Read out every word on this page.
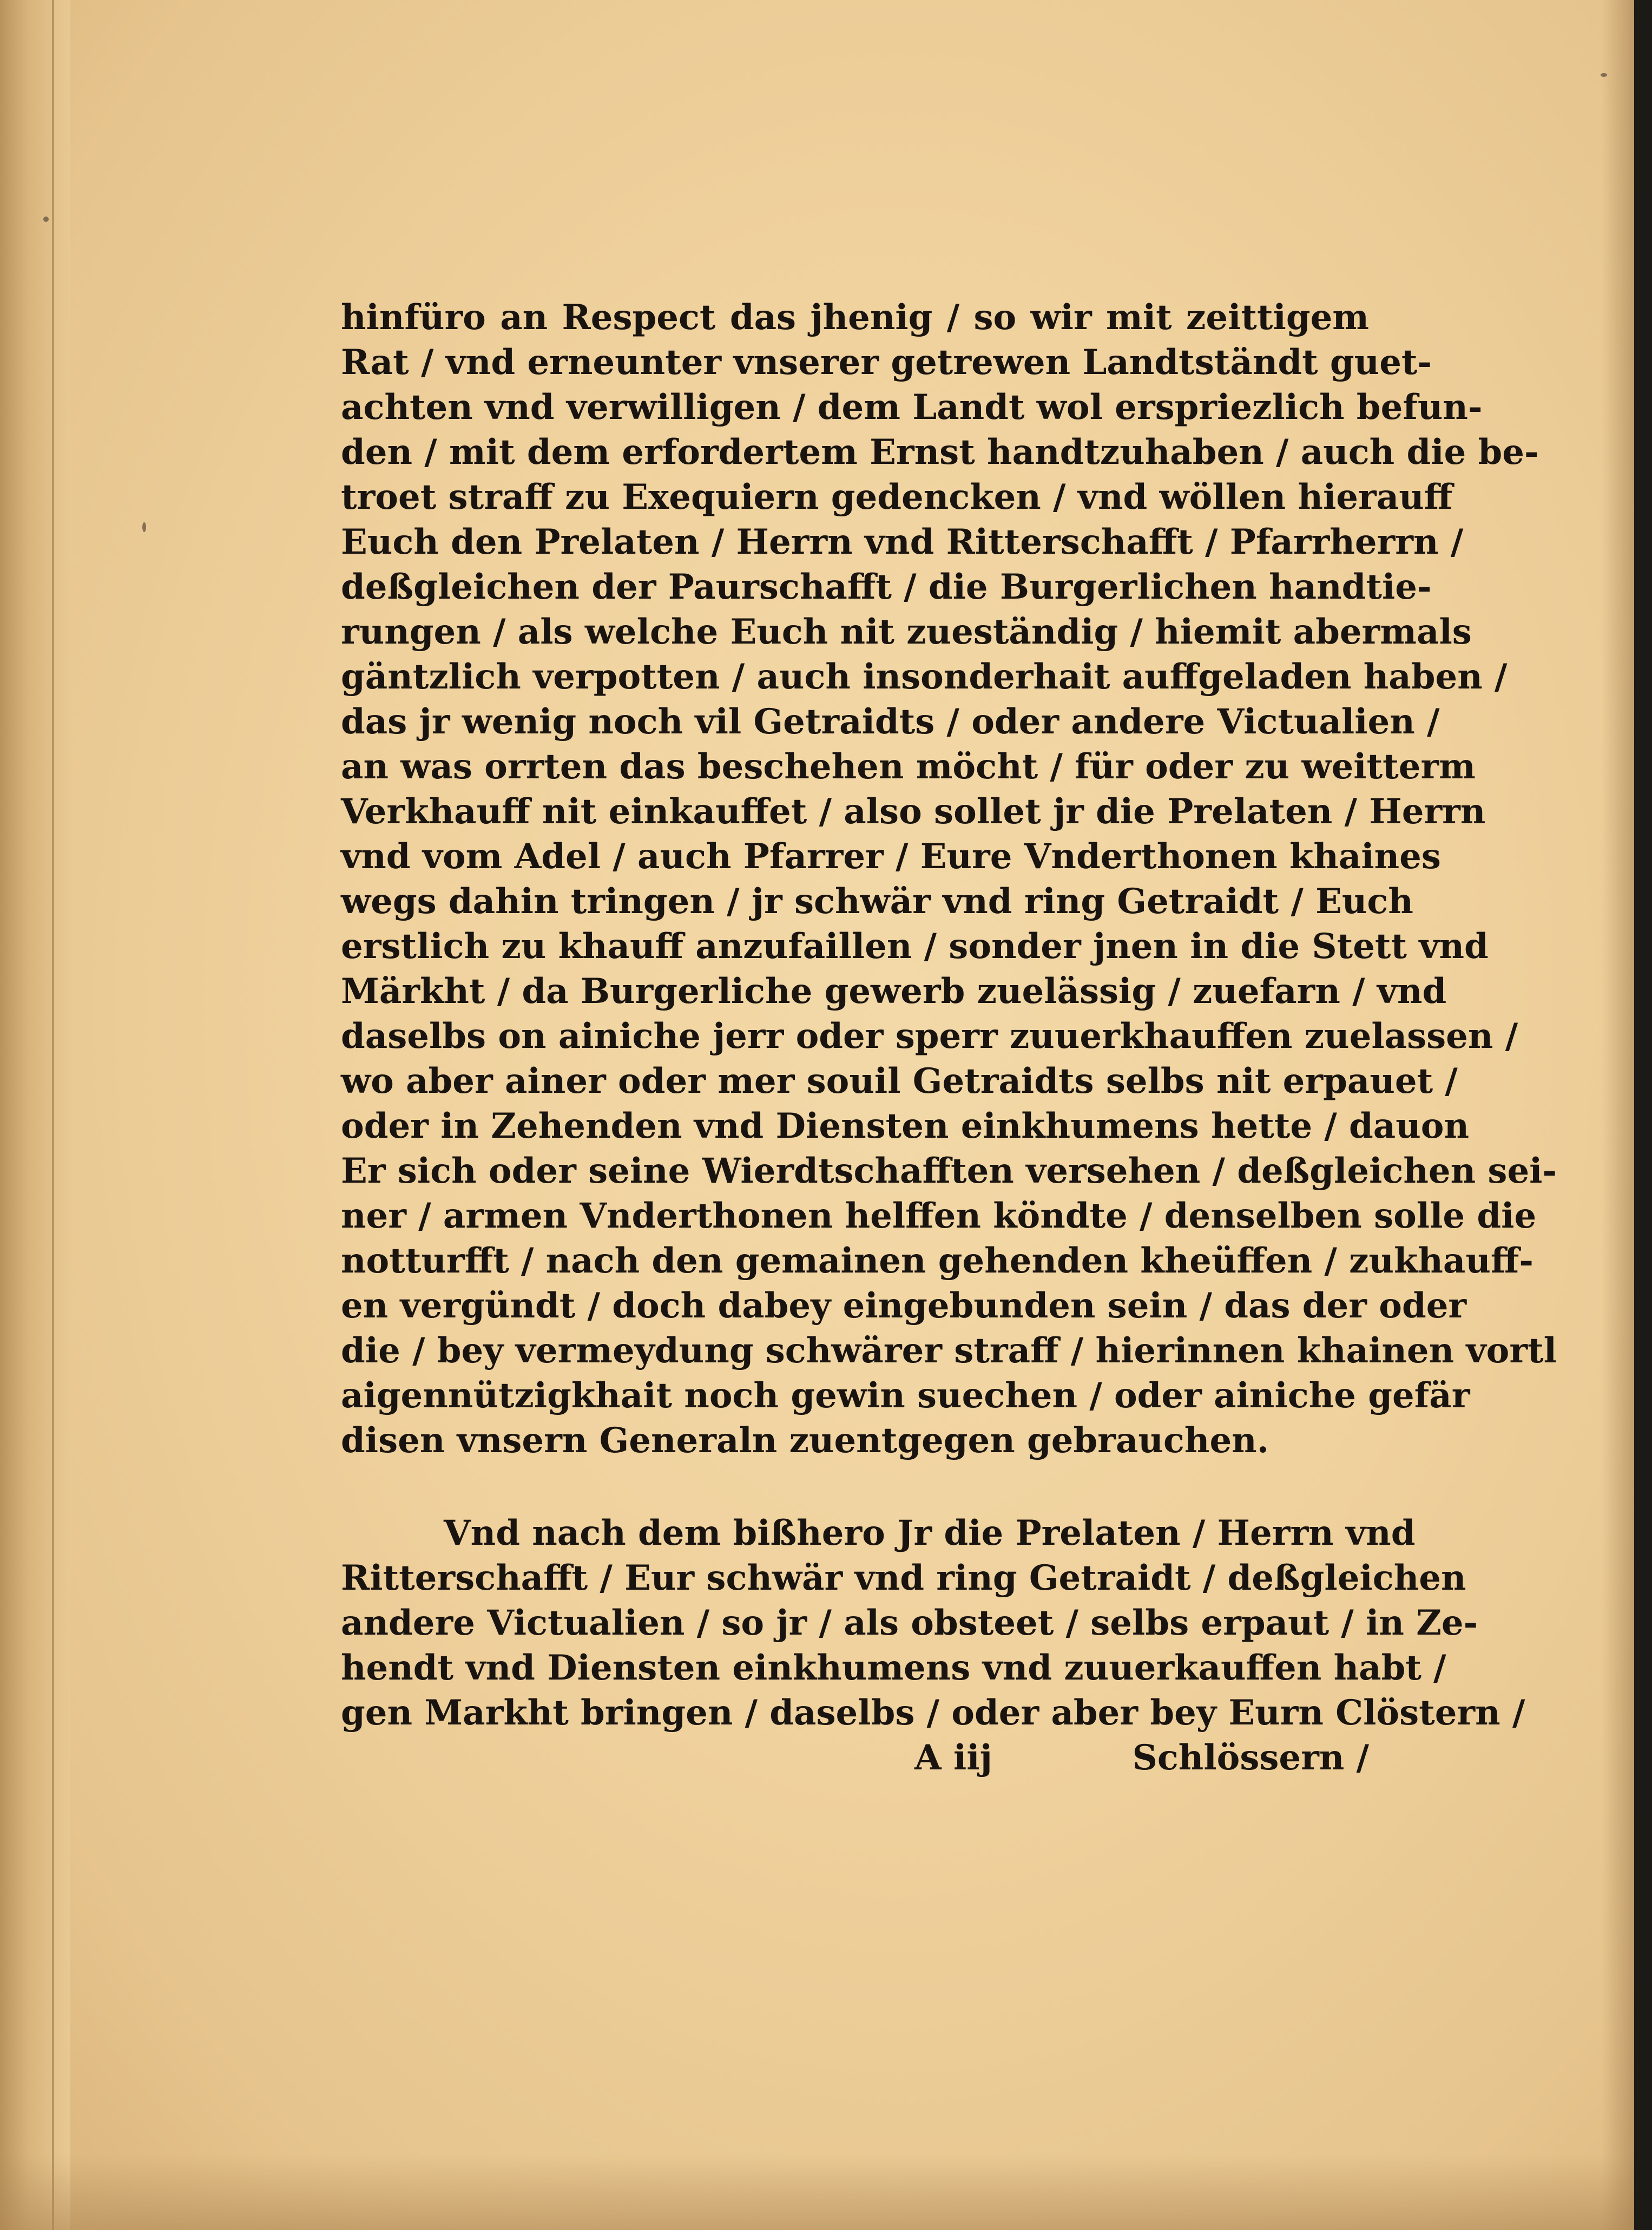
hinfüro an Respect das jhenig / so wir mit zeittigem
Rat / vnd erneunter vnserer getrewen Landtständt guet-
achten vnd verwilligen / dem Landt wol erspriezlich befun-
den / mit dem erfordertem Ernst handtzuhaben / auch die be-
troet straff zu Exequiern gedencken / vnd wöllen hierauff
Euch den Prelaten / Herrn vnd Ritterschafft / Pfarrherrn /
deßgleichen der Paurschafft / die Burgerlichen handtie-
rungen / als welche Euch nit zueständig / hiemit abermals
gäntzlich verpotten / auch insonderhait auffgeladen haben /
das jr wenig noch vil Getraidts / oder andere Victualien /
an was orrten das beschehen möcht / für oder zu weitterm
Verkhauff nit einkauffet / also sollet jr die Prelaten / Herrn
vnd vom Adel / auch Pfarrer / Eure Vnderthonen khaines
wegs dahin tringen / jr schwär vnd ring Getraidt / Euch
erstlich zu khauff anzufaillen / sonder jnen in die Stett vnd
Märkht / da Burgerliche gewerb zuelässig / zuefarn / vnd
daselbs on ainiche jerr oder sperr zuuerkhauffen zuelassen /
wo aber ainer oder mer souil Getraidts selbs nit erpauet /
oder in Zehenden vnd Diensten einkhumens hette / dauon
Er sich oder seine Wierdtschafften versehen / deßgleichen sei-
ner / armen Vnderthonen helffen köndte / denselben solle die
notturfft / nach den gemainen gehenden kheüffen / zukhauff-
en vergündt / doch dabey eingebunden sein / das der oder
die / bey vermeydung schwärer straff / hierinnen khainen vortl
aigennützigkhait noch gewin suechen / oder ainiche gefär
disen vnsern Generaln zuentgegen gebrauchen.
Vnd nach dem bißhero Jr die Prelaten / Herrn vnd
Ritterschafft / Eur schwär vnd ring Getraidt / deßgleichen
andere Victualien / so jr / als obsteet / selbs erpaut / in Ze-
hendt vnd Diensten einkhumens vnd zuuerkauffen habt /
gen Markht bringen / daselbs / oder aber bey Eurn Clöstern /
A iij	Schlössern /
